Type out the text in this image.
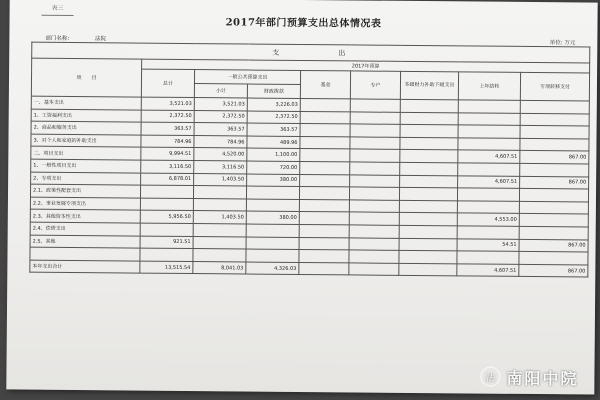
表三
2017年部门预算支出总体情况表
部门名称:	法院
单位: 万元
支　　　　　出								
项　　目	2017年预算							
	总计	一般公共预算支出		基金	专户	本级财力补助下级支出	上年结转	专项转移支付
		小计	财政拨款					
一、基本支出	3,521.03	3,521.03	3,226.03					
1、工资福利支出	2,372.50	2,372.50	2,372.50					
2、商品和服务支出	363.57	363.57	363.57					
3、对个人和家庭的补助支出	784.96	784.96	489.96					
二、项目支出	9,994.51	4,520.00	1,100.00				4,607.51	867.00
1、一般性项目支出	3,116.50	3,116.50	720.00					
2、专项支出	6,878.01	1,403.50	380.00				4,607.51	867.00
2.1、政策性配套支出								
2.2、事业发展专项支出								
2.3、其他资本性支出	5,956.50	1,403.50	380.00				4,553.00	
2.4、偿债支出								
2.5、其他	921.51						54.51	867.00

本年支出合计	13,515.54	8,041.03	4,326.03				4,607.51	867.00
法 南阳中院
